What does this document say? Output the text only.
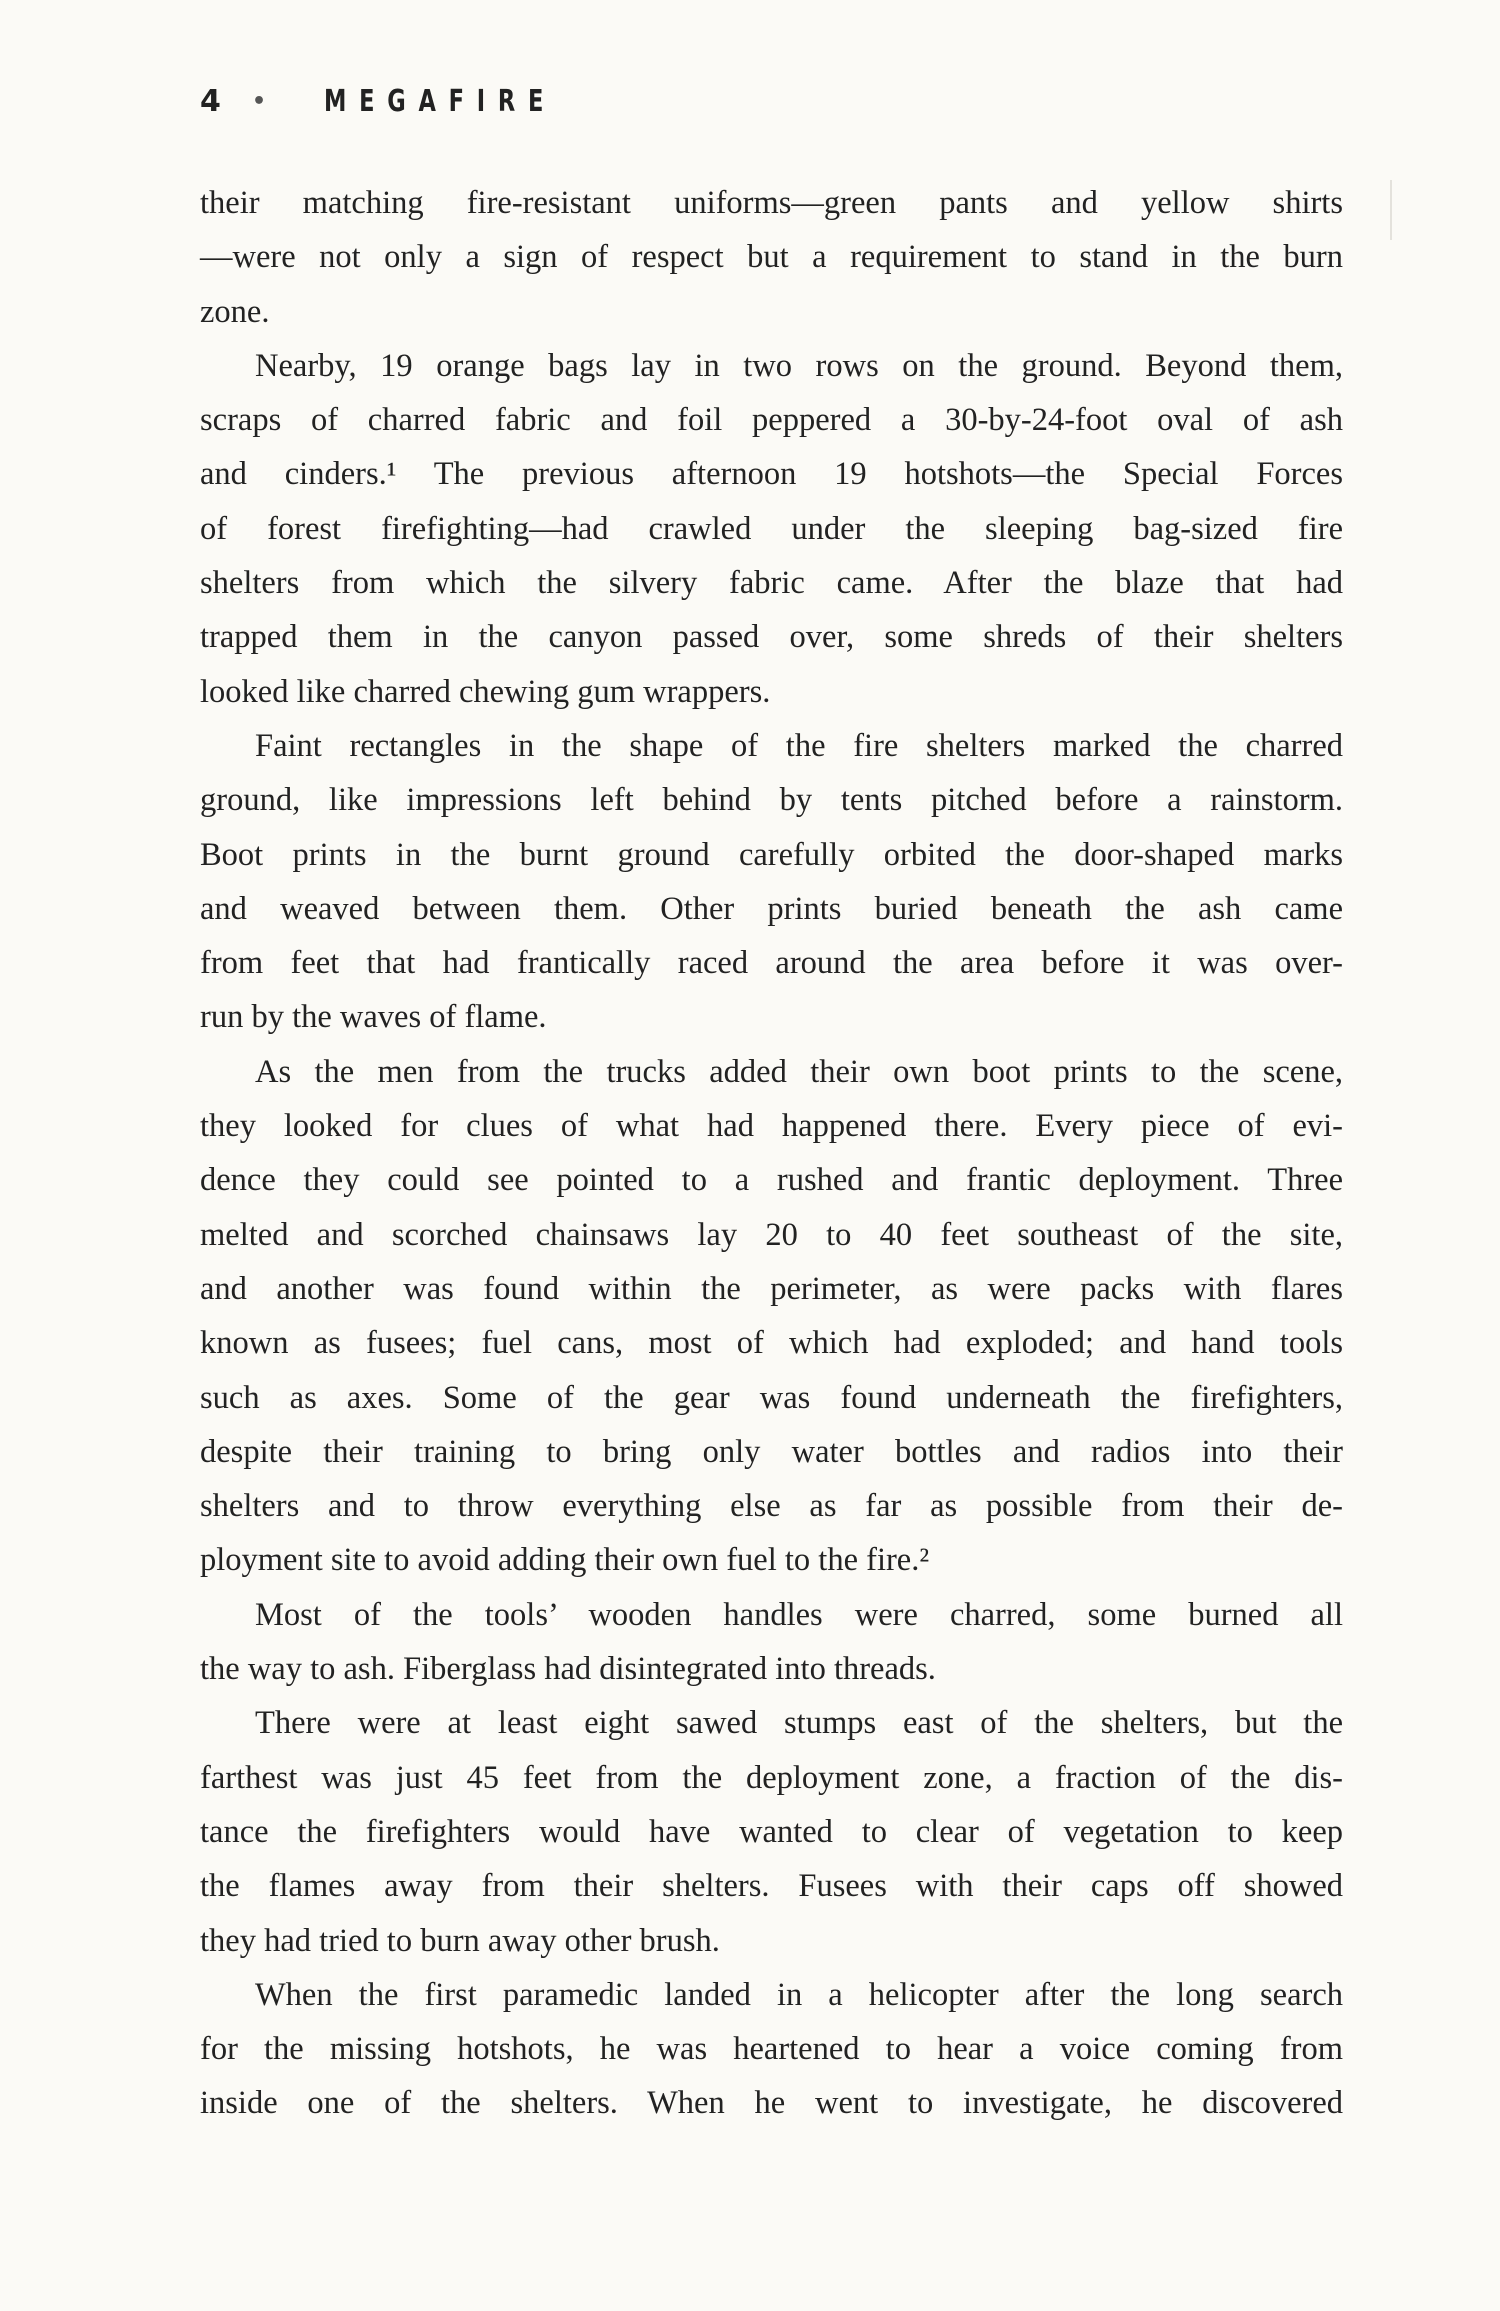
4	•	MEGAFIRE
their matching fire-resistant uniforms—green pants and yellow shirts
—were not only a sign of respect but a requirement to stand in the burn
zone.
Nearby, 19 orange bags lay in two rows on the ground. Beyond them,
scraps of charred fabric and foil peppered a 30-by-24-foot oval of ash
and cinders.¹ The previous afternoon 19 hotshots—the Special Forces
of forest firefighting—had crawled under the sleeping bag-sized fire
shelters from which the silvery fabric came. After the blaze that had
trapped them in the canyon passed over, some shreds of their shelters
looked like charred chewing gum wrappers.
Faint rectangles in the shape of the fire shelters marked the charred
ground, like impressions left behind by tents pitched before a rainstorm.
Boot prints in the burnt ground carefully orbited the door-shaped marks
and weaved between them. Other prints buried beneath the ash came
from feet that had frantically raced around the area before it was over-
run by the waves of flame.
As the men from the trucks added their own boot prints to the scene,
they looked for clues of what had happened there. Every piece of evi-
dence they could see pointed to a rushed and frantic deployment. Three
melted and scorched chainsaws lay 20 to 40 feet southeast of the site,
and another was found within the perimeter, as were packs with flares
known as fusees; fuel cans, most of which had exploded; and hand tools
such as axes. Some of the gear was found underneath the firefighters,
despite their training to bring only water bottles and radios into their
shelters and to throw everything else as far as possible from their de-
ployment site to avoid adding their own fuel to the fire.²
Most of the tools’ wooden handles were charred, some burned all
the way to ash. Fiberglass had disintegrated into threads.
There were at least eight sawed stumps east of the shelters, but the
farthest was just 45 feet from the deployment zone, a fraction of the dis-
tance the firefighters would have wanted to clear of vegetation to keep
the flames away from their shelters. Fusees with their caps off showed
they had tried to burn away other brush.
When the first paramedic landed in a helicopter after the long search
for the missing hotshots, he was heartened to hear a voice coming from
inside one of the shelters. When he went to investigate, he discovered
